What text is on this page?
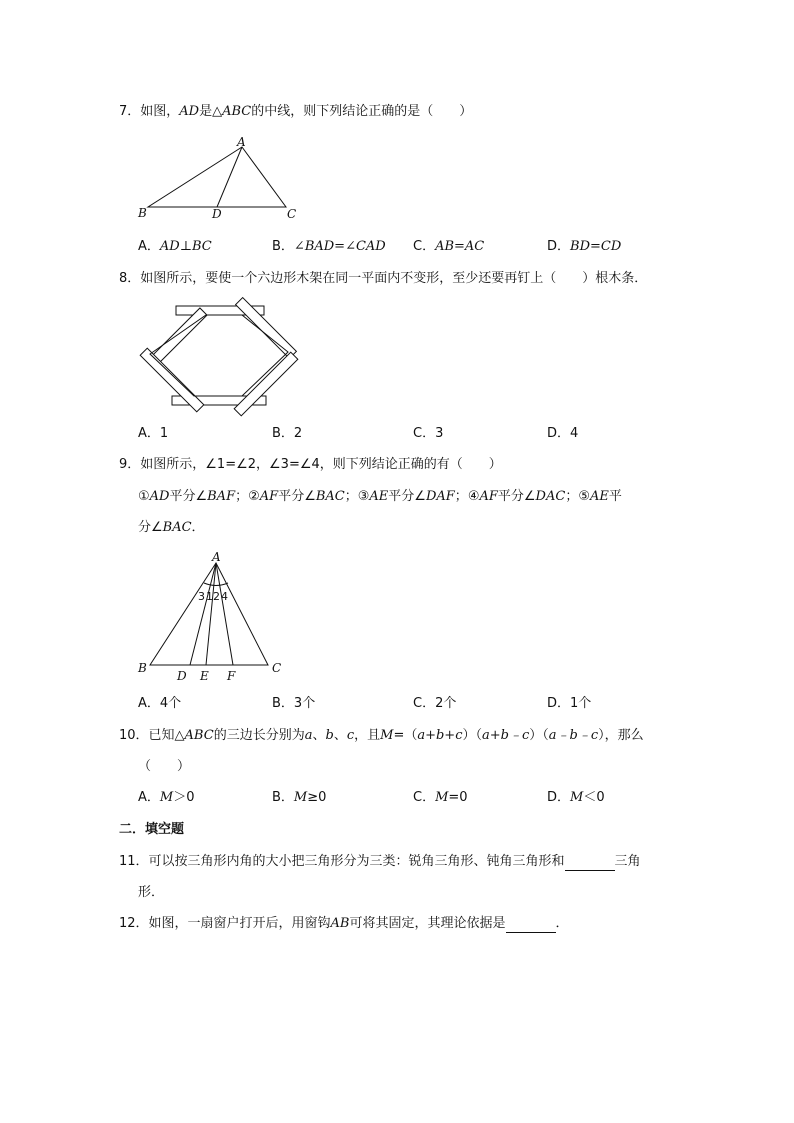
7．如图，AD是△ABC的中线，则下列结论正确的是（　　）
A
B	D	C
A．AD⊥BC	B．∠BAD=∠CAD C．AB=AC	D．BD=CD
8．如图所示，要使一个六边形木架在同一平面内不变形，至少还要再钉上（　　）根木条．
A．1	B．2	C．3	D．4
9．如图所示，∠1=∠2，∠3=∠4，则下列结论正确的有（　　）
①AD平分∠BAF；②AF平分∠BAC；③AE平分∠DAF；④AF平分∠DAC；⑤AE平
分∠BAC．
A
B	C
D E F
3 1 2 4
A．4个	B．3个	C．2个	D．1个
10．已知△ABC的三边长分别为a、b、c，且M=（a+b+c）（a+b﹣c）（a﹣b﹣c），那么
（　　）
A．M＞0	B．M≥0	C．M=0	D．M＜0
二．填空题
11．可以按三角形内角的大小把三角形分为三类：锐角三角形、钝角三角形和	三角
形．
12．如图，一扇窗户打开后，用窗钩AB可将其固定，其理论依据是	．
